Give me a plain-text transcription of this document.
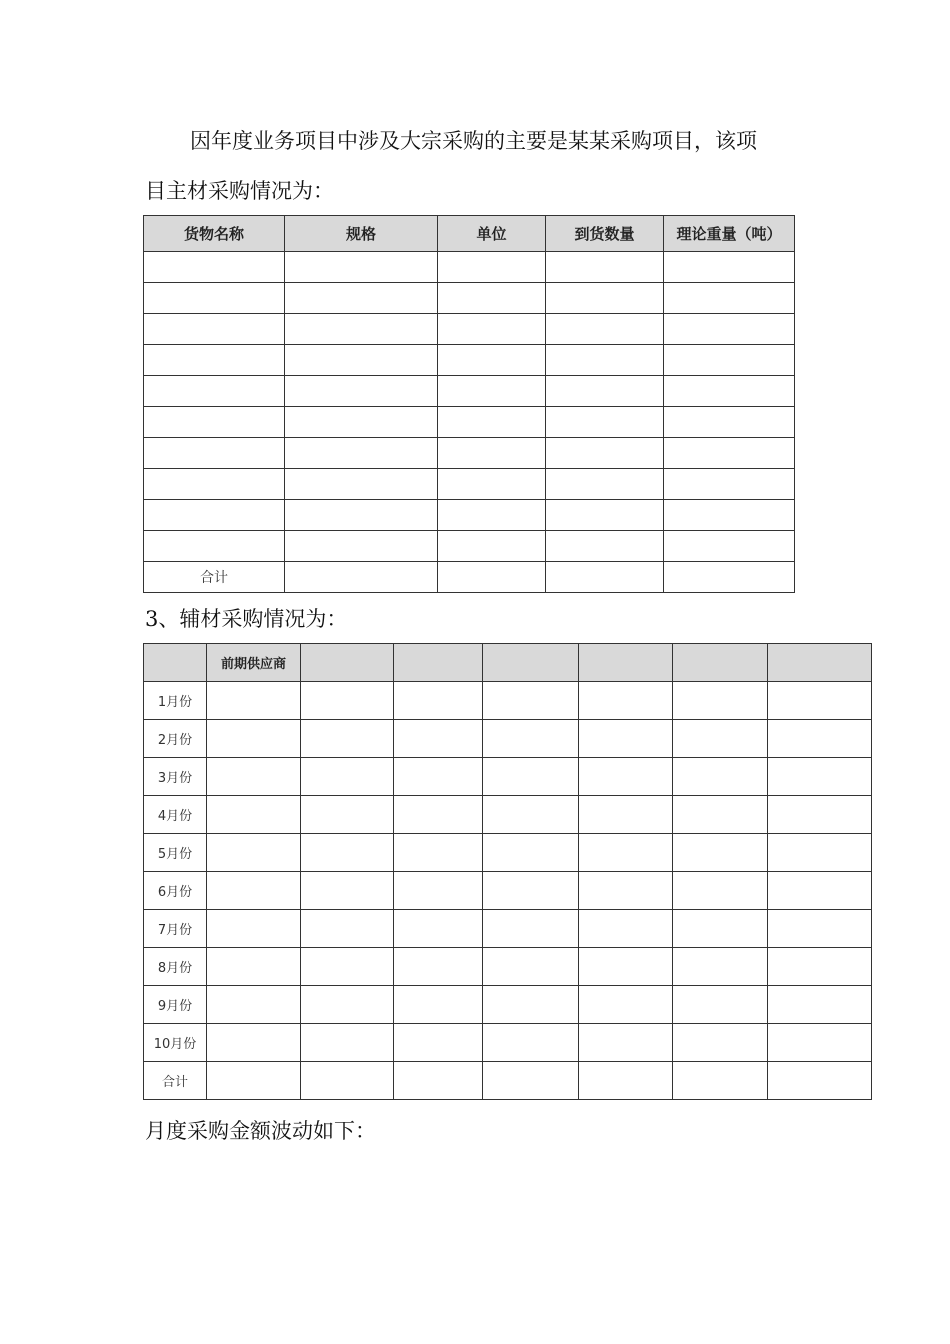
因年度业务项目中涉及大宗采购的主要是某某采购项目，该项

目主材采购情况为：

货物名称	规格	单位	到货数量	理论重量（吨）

合计				

3、辅材采购情况为：

	前期供应商						
1月份							
2月份							
3月份							
4月份							
5月份							
6月份							
7月份							
8月份							
9月份							
10月份							
合计							

月度采购金额波动如下：
